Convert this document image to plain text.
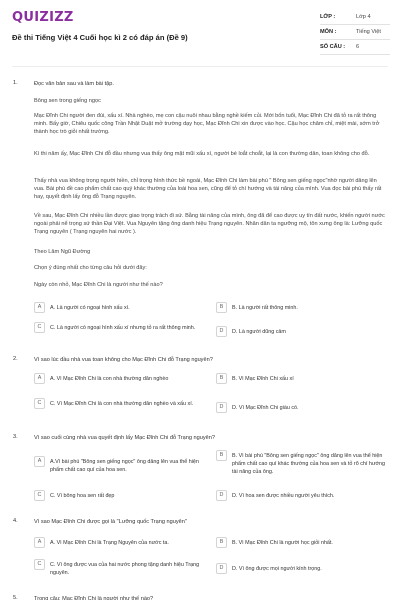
QUIZIZZ
Đề thi Tiếng Việt 4 Cuối học kì 2 có đáp án (Đề 9)
LỚP :	Lớp 4
MÔN :	Tiếng Việt
SỐ CÂU : 6
1.	Đọc văn bản sau và làm bài tập.
Bông sen trong giếng ngọc
Mạc Đĩnh Chi người đen đúi, xấu xí. Nhà nghèo, mẹ con cậu nuôi nhau bằng nghề kiếm củi. Mới bốn tuổi, Mạc Đĩnh Chi đã tỏ ra rất thông minh. Bấy giờ, Chiêu quốc công Trần Nhật Duật mở trường dạy học, Mạc Đĩnh Chi xin được vào học. Cậu học chăm chỉ, miệt mài, sớm trở thành học trò giỏi nhất trường.
Kì thi năm ấy, Mạc Đĩnh Chi đỗ đầu nhưng vua thấy ông mặt mũi xấu xí, người bé loắt choắt, lại là con thường dân, toan không cho đỗ.
Thấy nhà vua không trọng người hiền, chỉ trọng hình thức bề ngoài, Mạc Đĩnh Chi làm bài phú " Bông sen giếng ngọc"nhờ người dâng lên vua. Bài phú đề cao phẩm chất cao quý khác thường của loài hoa sen, cũng để tỏ chí hướng và tài năng của mình. Vua đọc bài phú thấy rất hay, quyết định lấy ông đỗ Trạng nguyên.
Về sau, Mạc Đĩnh Chi nhiều lần được giao trọng trách đi sứ. Bằng tài năng của mình, ông đã để cao được uy tín đất nước, khiến người nước ngoài phải nể trọng sứ thần Đại Việt. Vua Nguyên tặng ông danh hiệu Trạng nguyên. Nhân dân ta ngưỡng mộ, tôn xưng ông là: Lưỡng quốc Trạng nguyên ( Trạng nguyên hai nước ).
Theo Lâm Ngũ Đường
Chọn ý đúng nhất cho từng câu hỏi dưới đây:
Ngày còn nhỏ, Mạc Đĩnh Chi là người như thế nào?
A	A. Là người có ngoại hình xấu xí.	B	B. Là người rất thông minh.
C	C. Là người có ngoại hình xấu xí nhưng tỏ ra rất thông minh.	D	D. Là người dũng cảm
2.	Vì sao lúc đầu nhà vua toan không cho Mạc Đĩnh Chi đỗ Trạng nguyên?
A	A. Vì Mạc Đĩnh Chi là con nhà thường dân nghèo	B	B. Vì Mạc Đĩnh Chi xấu xí
C	C. Vì Mạc Đĩnh Chi là con nhà thường dân nghèo và xấu xí.	D	D. Vì Mạc Đĩnh Chi giàu có.
3.	Vì sao cuối cùng nhà vua quyết định lấy Mạc Đĩnh Chi đỗ Trạng nguyên?
A	A.Vì bài phú "Bông sen giếng ngọc" ông dâng lên vua thể hiện phẩm chất cao quí của hoa sen.
B	B. Vì bài phú "Bông sen giếng ngọc" ông dâng lên vua thể hiện phẩm chất cao quí khác thường của hoa sen và tỏ rõ chí hướng tài năng của ông.
C	C. Vì bông hoa sen rất đẹp	D	D. Vì hoa sen được nhiều người yêu thích.
4.	Vì sao Mạc Đĩnh Chi được gọi là "Lưỡng quốc Trạng nguyên"
A	A. Vì Mạc Đĩnh Chi là Trạng Nguyên của nước ta.	B	B. Vì Mạc Đĩnh Chi là người học giỏi nhất.
C	C. Vì ông được vua của hai nước phong tặng danh hiệu Trạng nguyên.
D	D. Vì ông được mọi người kính trọng.
5.	Trong câu: Mạc Đĩnh Chi là người như thế nào?
